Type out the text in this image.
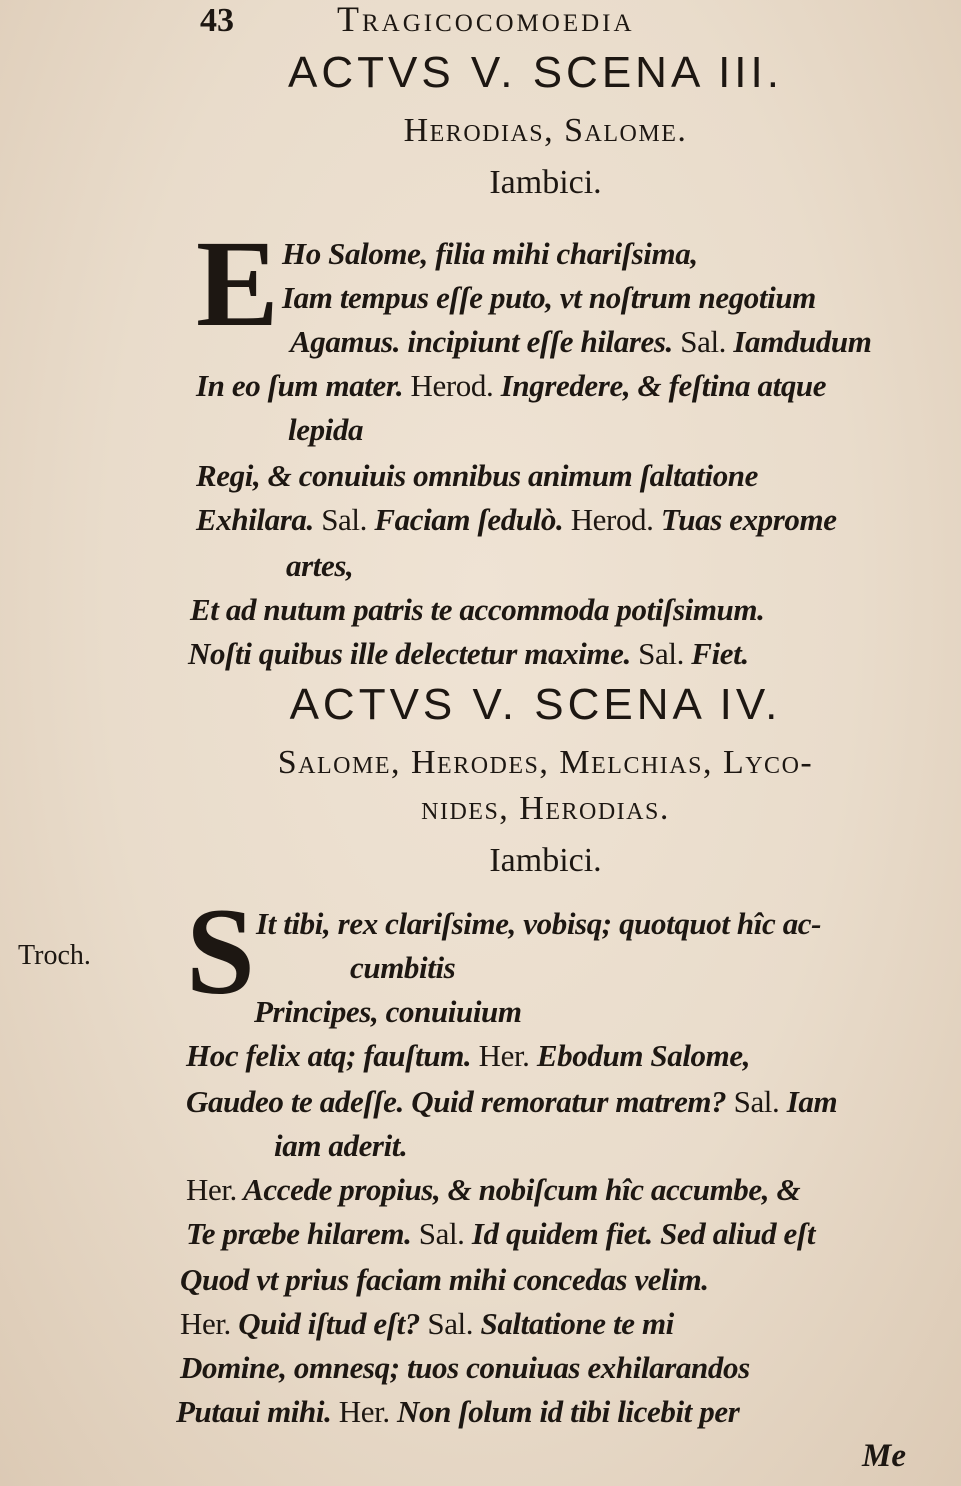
43	Tragicocomoedia
ACTVS V. SCENA III.
Herodias, Salome.
Iambici.
E Ho Salome, filia mihi chariſsima,
Iam tempus eſſe puto, vt noſtrum negotium
Agamus. incipiunt eſſe hilares. Sal. Iamdudum
In eo ſum mater. Herod. Ingredere, & feſtina atque
lepida
Regi, & conuiuis omnibus animum ſaltatione
Exhilara. Sal. Faciam ſedulò. Herod. Tuas exprome
artes,
Et ad nutum patris te accommoda potiſsimum.
Noſti quibus ille delectetur maxime. Sal. Fiet.
ACTVS V. SCENA IV.
Salome, Herodes, Melchias, Lyco-
nides, Herodias.
Iambici.
Troch. S It tibi, rex clariſsime, vobisq; quotquot hîc ac-
cumbitis
Principes, conuiuium
Hoc felix atq; fauſtum. Her. Ebodum Salome,
Gaudeo te adeſſe. Quid remoratur matrem? Sal. Iam
iam aderit.
Her. Accede propius, & nobiſcum hîc accumbe, &
Te præbe hilarem. Sal. Id quidem fiet. Sed aliud eſt
Quod vt prius faciam mihi concedas velim.
Her. Quid iſtud eſt? Sal. Saltatione te mi
Domine, omnesq; tuos conuiuas exhilarandos
Putaui mihi. Her. Non ſolum id tibi licebit per
Me
